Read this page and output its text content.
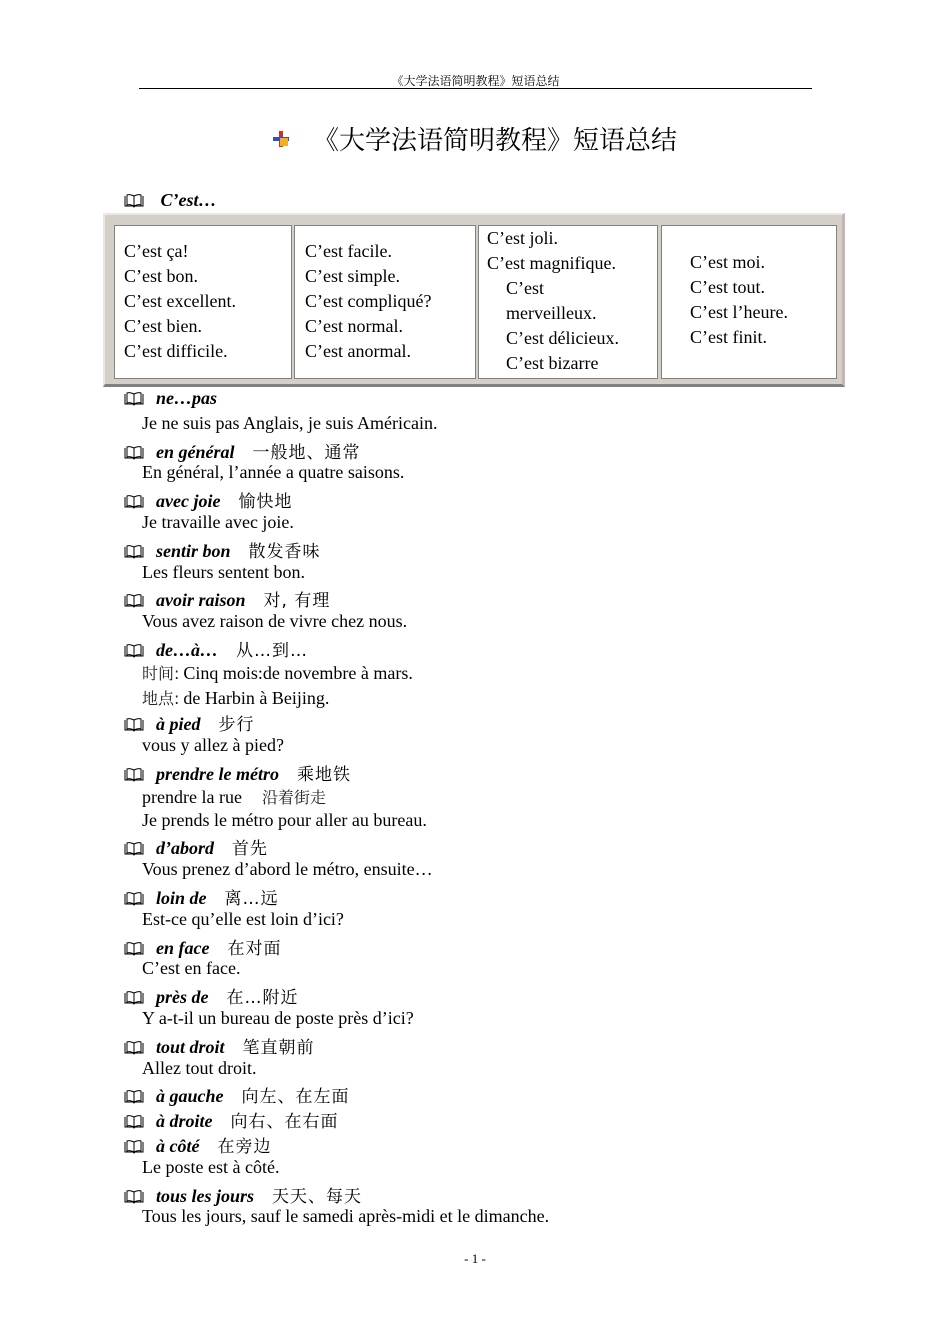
《大学法语简明教程》短语总结
《大学法语简明教程》短语总结
C’est…
C’est ça!
C’est bon.
C’est excellent.
C’est bien.
C’est difficile.
C’est facile.
C’est simple.
C’est compliqué?
C’est normal.
C’est anormal.
C’est joli.
C’est magnifique.
C’est
merveilleux.
C’est délicieux.
C’est bizarre
C’est moi.
C’est tout.
C’est l’heure.
C’est finit.
ne…pas
Je ne suis pas Anglais, je suis Américain.
en général 一般地、通常
En général, l’année a quatre saisons.
avec joie 愉快地
Je travaille avec joie.
sentir bon 散发香味
Les fleurs sentent bon.
avoir raison 对, 有理
Vous avez raison de vivre chez nous.
de…à… 从…到…
时间: Cinq mois:de novembre à mars.
地点: de Harbin à Beijing.
à pied 步行
vous y allez à pied?
prendre le métro 乘地铁
prendre la rue 沿着街走
Je prends le métro pour aller au bureau.
d’abord 首先
Vous prenez d’abord le métro, ensuite…
loin de 离…远
Est-ce qu’elle est loin d’ici?
en face 在对面
C’est en face.
près de 在…附近
Y a-t-il un bureau de poste près d’ici?
tout droit 笔直朝前
Allez tout droit.
à gauche 向左、在左面
à droite 向右、在右面
à côté 在旁边
Le poste est à côté.
tous les jours 天天、每天
Tous les jours, sauf le samedi après-midi et le dimanche.
- 1 -
